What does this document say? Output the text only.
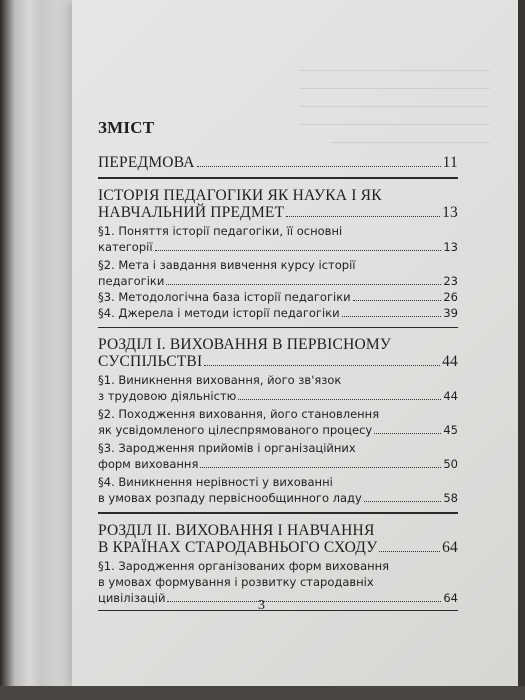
ЗМІСТ
ПЕРЕДМОВА	11
ІСТОРІЯ ПЕДАГОГІКИ ЯК НАУКА І ЯК
НАВЧАЛЬНИЙ ПРЕДМЕТ	13
§1. Поняття історії педагогіки, її основні
категорії	13
§2. Мета і завдання вивчення курсу історії
педагогіки	23
§3. Методологічна база історії педагогіки	26
§4. Джерела і методи історії педагогіки	39
РОЗДІЛ І. ВИХОВАННЯ В ПЕРВІСНОМУ
СУСПІЛЬСТВІ	44
§1. Виникнення виховання, його зв'язок
з трудовою діяльністю	44
§2. Походження виховання, його становлення
як усвідомленого цілеспрямованого процесу	45
§3. Зародження прийомів і організаційних
форм виховання	50
§4. Виникнення нерівності у вихованні
в умовах розпаду первіснообщинного ладу	58
РОЗДІЛ II. ВИХОВАННЯ І НАВЧАННЯ
В КРАЇНАХ СТАРОДАВНЬОГО СХОДУ	64
§1. Зародження організованих форм виховання
в умовах формування і розвитку стародавніх
цивілізацій	64
3
